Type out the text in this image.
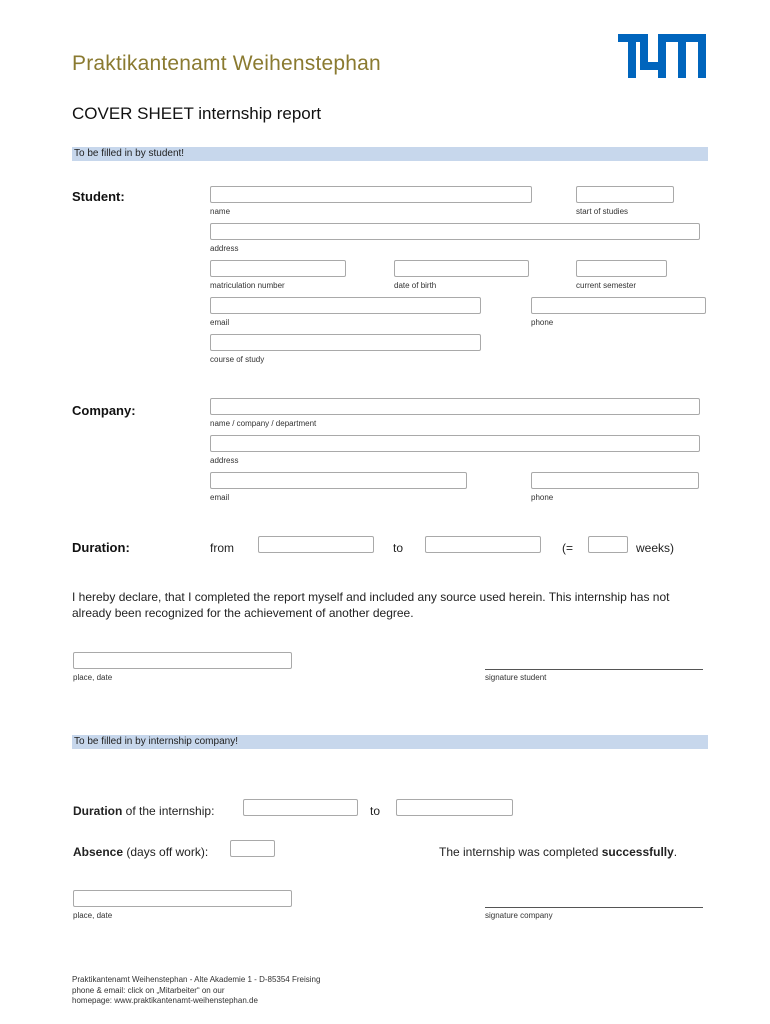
Praktikantenamt Weihenstephan
COVER SHEET internship report
To be filled in by student!
Student:
name	start of studies
address
matriculation number	date of birth	current semester
email	phone
course of study
Company:
name / company / department
address
email	phone
Duration:	from	to	(=	weeks)
I hereby declare, that I completed the report myself and included any source used herein. This internship has not already been recognized for the achievement of another degree.
place, date	signature student
To be filled in by internship company!
Duration of the internship:	to
Absence (days off work):	The internship was completed successfully.
place, date	signature company
Praktikantenamt Weihenstephan - Alte Akademie 1 - D-85354 Freising
phone & email: click on „Mitarbeiter“ on our
homepage: www.praktikantenamt-weihenstephan.de
